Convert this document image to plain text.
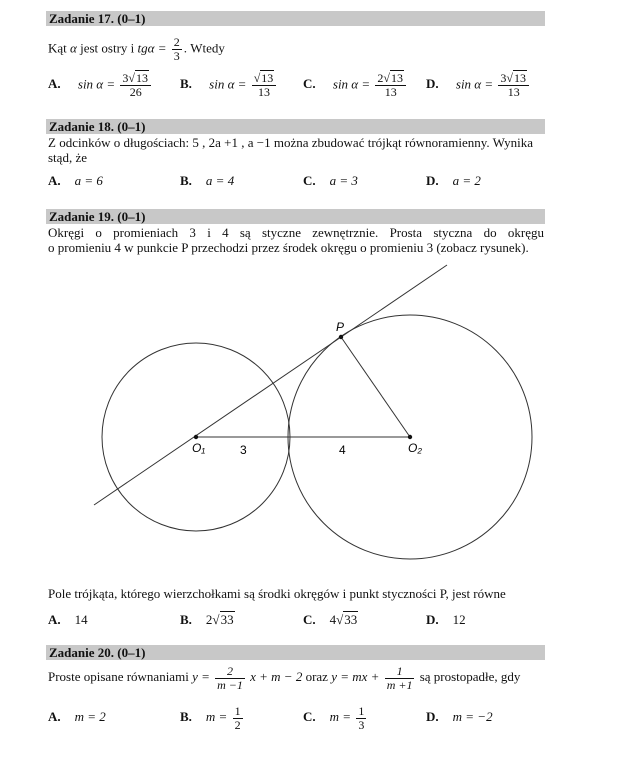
Zadanie 17. (0–1)
Kąt α jest ostry i $tg\alpha = \frac{2}{3}$ . Wtedy
A. $\sin \alpha = \frac{3√13}{26} B$. $\sin \alpha = \frac{√13}{13} C$. $\sin \alpha = \frac{2√13}{13} D$. $\sin \alpha = \frac{3√13}{13}$
Zadanie 18. (0–1)
Z odcinków o długościach: 5 , 2a +1 , a −1 można zbudować trójkąt równoramienny. Wynika
stąd, że
A. a = 6	B. a = 4	C. a = 3	D. a = 2
Zadanie 19. (0–1)
Okręgi o promieniach 3 i 4 są styczne zewnętrznie. Prosta styczna do okręgu
o promieniu 4 w punkcie P przechodzi przez środek okręgu o promieniu 3 (zobacz rysunek).
P
O₁	O₂
3	4
Pole trójkąta, którego wierzchołkami są środki okręgów i punkt styczności P, jest równe
A. 14	B. 2√33	C. 4√33	D. 12
Zadanie 20. (0–1)
Proste opisane równaniami $y = \frac{2}{m -1}$ x + m − 2 oraz y = mx + $\frac{1}{m +1}$ są prostopadłe, gdy
A. m = 2	B. $m = \frac{1}{2}$	C. $m = \frac{1}{3}$	D. m = −2
